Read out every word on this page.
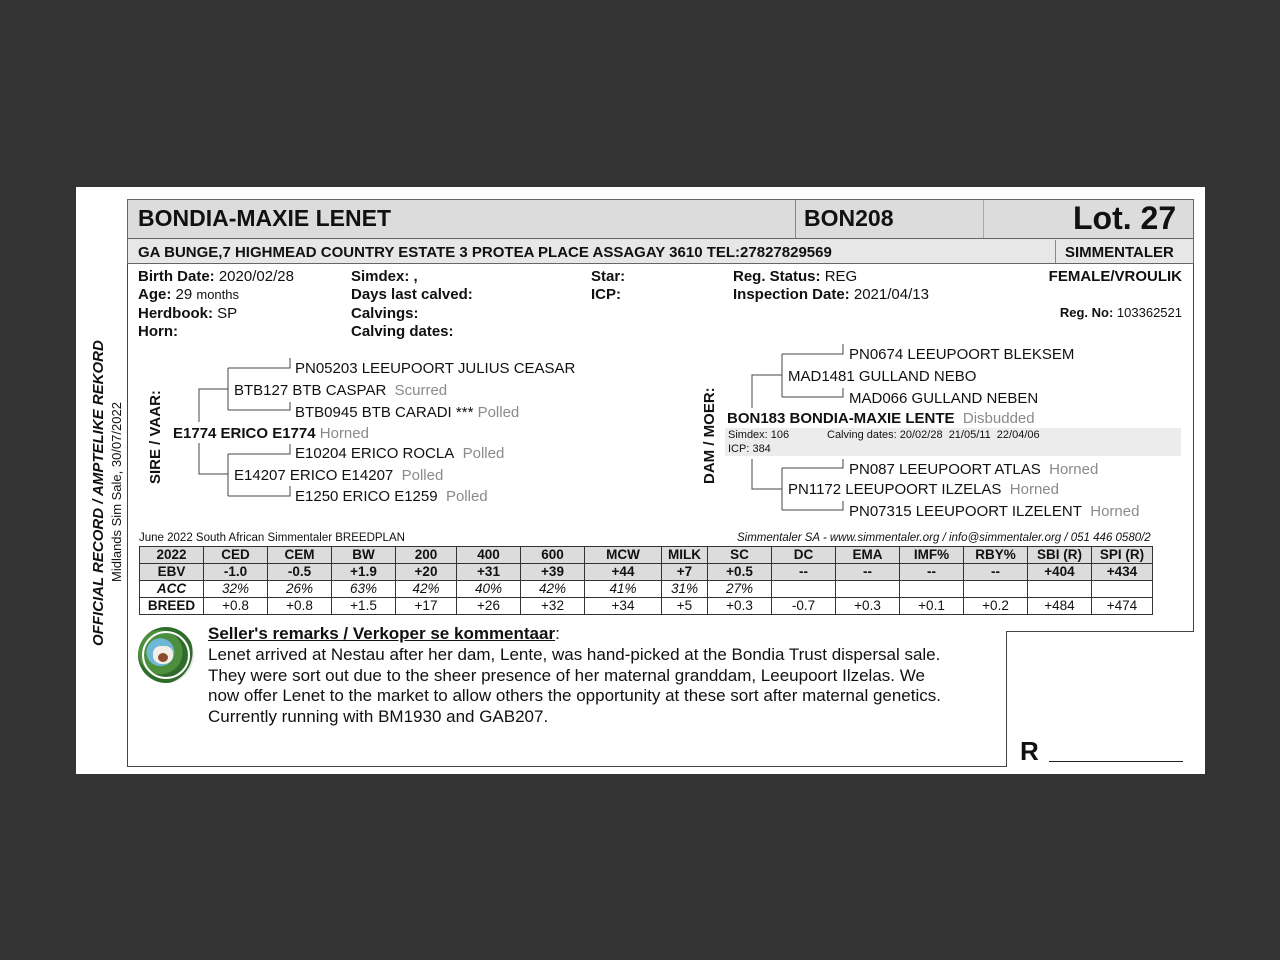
BONDIA-MAXIE LENET	BON208	Lot. 27
GA BUNGE,7 HIGHMEAD COUNTRY ESTATE 3 PROTEA PLACE ASSAGAY 3610 TEL:27827829569	SIMMENTALER
OFFICIAL RECORD / AMPTELIKE REKORD Midlands Sim Sale, 30/07/2022
Birth Date: 2020/02/28
Age: 29 months
Herdbook: SP
Horn:
Simdex: ,
Days last calved:
Calvings:
Calving dates:
Star:
ICP:
Reg. Status: REG
Inspection Date: 2021/04/13
FEMALE/VROULIK
Reg. No: 103362521
SIRE / VAAR:
PN05203 LEEUPOORT JULIUS CEASAR
BTB127 BTB CASPAR Scurred
BTB0945 BTB CARADI *** Polled
E1774 ERICO E1774 Horned
E10204 ERICO ROCLA Polled
E14207 ERICO E14207 Polled
E1250 ERICO E1259 Polled
DAM / MOER:
PN0674 LEEUPOORT BLEKSEM
MAD1481 GULLAND NEBO
MAD066 GULLAND NEBEN
BON183 BONDIA-MAXIE LENTE Disbudded
Simdex: 106	Calving dates: 20/02/28  21/05/11  22/04/06
ICP: 384
PN087 LEEUPOORT ATLAS Horned
PN1172 LEEUPOORT ILZELAS Horned
PN07315 LEEUPOORT ILZELENT Horned
June 2022 South African Simmentaler BREEDPLAN	Simmentaler SA - www.simmentaler.org / info@simmentaler.org / 051 446 0580/2
2022	CED	CEM	BW	200	400	600	MCW	MILK	SC	DC	EMA	IMF%	RBY%	SBI (R)	SPI (R)
EBV	-1.0	-0.5	+1.9	+20	+31	+39	+44	+7	+0.5	--	--	--	--	+404	+434
ACC	32%	26%	63%	42%	40%	42%	41%	31%	27%						
BREED	+0.8	+0.8	+1.5	+17	+26	+32	+34	+5	+0.3	-0.7	+0.3	+0.1	+0.2	+484	+474
Seller's remarks / Verkoper se kommentaar:
Lenet arrived at Nestau after her dam, Lente, was hand-picked at the Bondia Trust dispersal sale.
They were sort out due to the sheer presence of her maternal granddam, Leeupoort Ilzelas. We
now offer Lenet to the market to allow others the opportunity at these sort after maternal genetics.
Currently running with BM1930 and GAB207.
R
